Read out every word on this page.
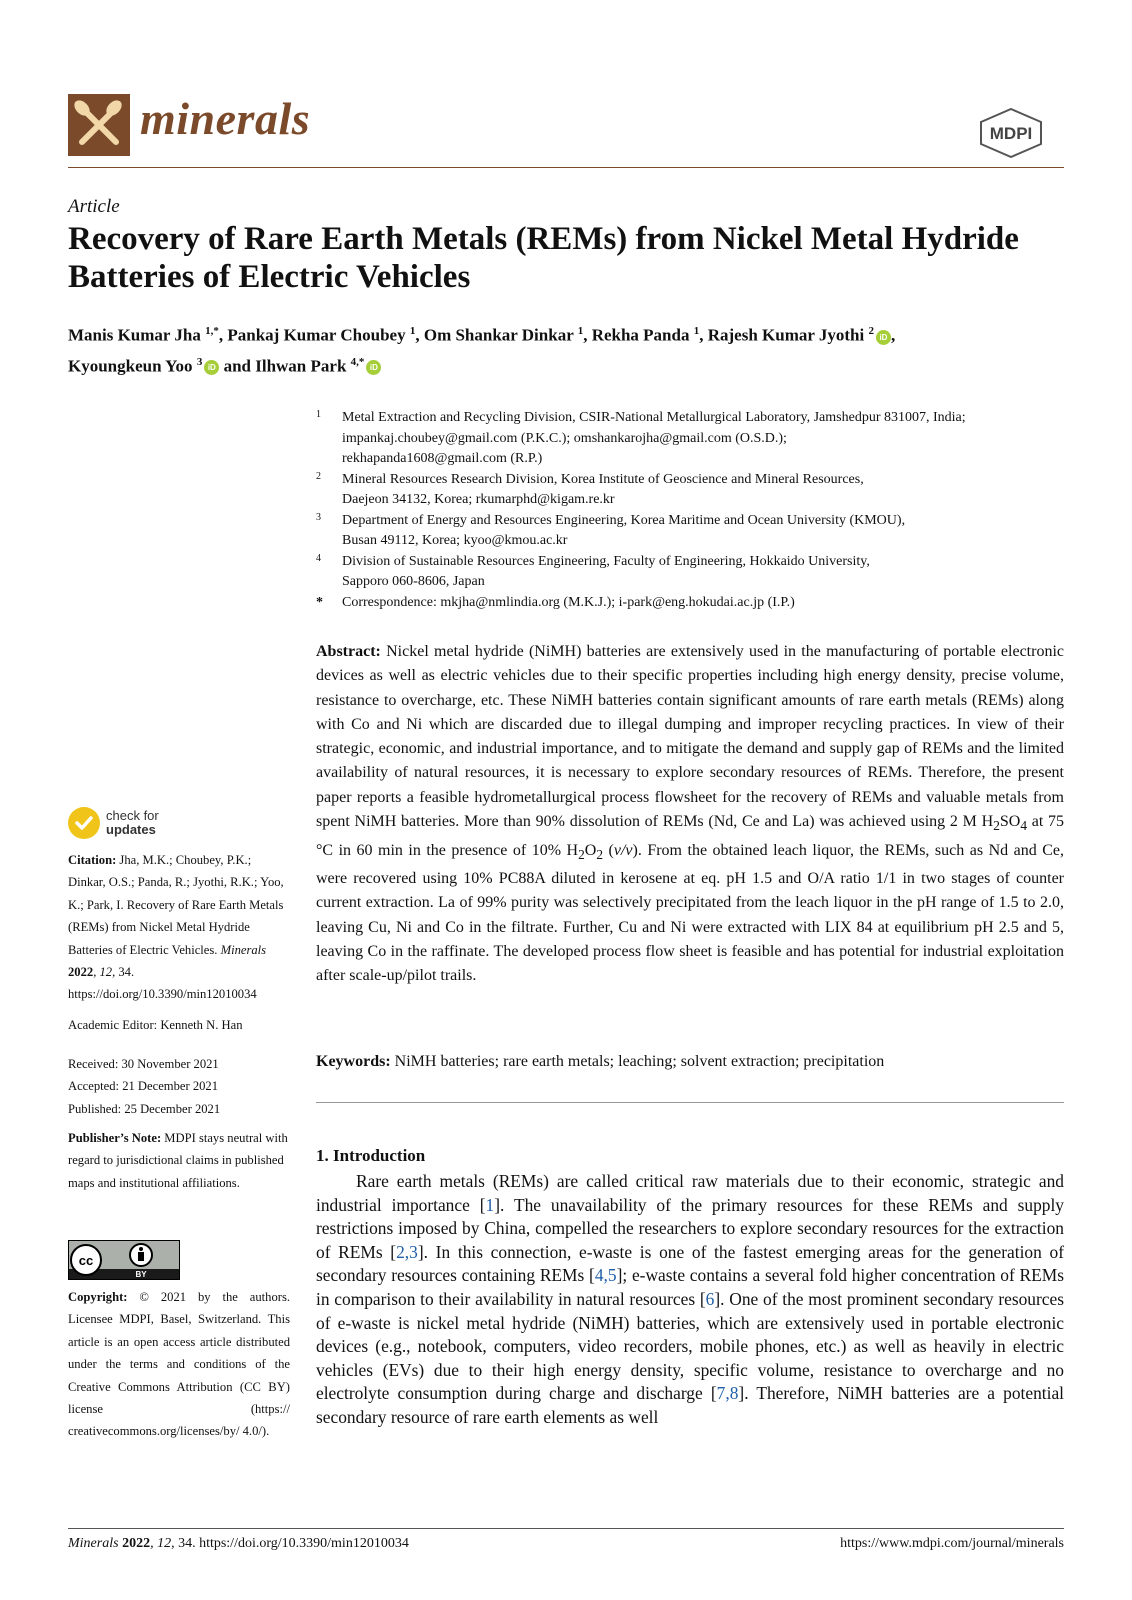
minerals	MDPI
Article
Recovery of Rare Earth Metals (REMs) from Nickel Metal Hydride Batteries of Electric Vehicles
Manis Kumar Jha $^{1,*}$, Pankaj Kumar Choubey $^1$, Om Shankar Dinkar $^1$, Rekha Panda $^1$, Rajesh Kumar Jyothi $^2$iD ,
Kyoungkeun Yoo $^3$iD and Ilhwan Park $^{4,*}$iD
1 Metal Extraction and Recycling Division, CSIR-National Metallurgical Laboratory, Jamshedpur 831007, India;
impankaj.choubey@gmail.com (P.K.C.); omshankarojha@gmail.com (O.S.D.);
rekhapanda1608@gmail.com (R.P.)
2 Mineral Resources Research Division, Korea Institute of Geoscience and Mineral Resources,
Daejeon 34132, Korea; rkumarphd@kigam.re.kr
3 Department of Energy and Resources Engineering, Korea Maritime and Ocean University (KMOU),
Busan 49112, Korea; kyoo@kmou.ac.kr
4 Division of Sustainable Resources Engineering, Faculty of Engineering, Hokkaido University,
Sapporo 060-8606, Japan
* Correspondence: mkjha@nmlindia.org (M.K.J.); i-park@eng.hokudai.ac.jp (I.P.)
Abstract: Nickel metal hydride (NiMH) batteries are extensively used in the manufacturing of portable electronic devices as well as electric vehicles due to their specific properties including high energy density, precise volume, resistance to overcharge, etc. These NiMH batteries contain significant amounts of rare earth metals (REMs) along with Co and Ni which are discarded due to illegal dumping and improper recycling practices. In view of their strategic, economic, and industrial importance, and to mitigate the demand and supply gap of REMs and the limited availability of natural resources, it is necessary to explore secondary resources of REMs. Therefore, the present paper reports a feasible hydrometallurgical process flowsheet for the recovery of REMs and valuable metals from spent NiMH batteries. More than 90% dissolution of REMs (Nd, Ce and La) was achieved using 2 M $H_2SO_4$ at 75 °C in 60 min in the presence of 10% $H_2O_2$ (v/v). From the obtained leach liquor, the REMs, such as Nd and Ce, were recovered using 10% PC88A diluted in kerosene at eq. pH 1.5 and O/A ratio 1/1 in two stages of counter current extraction. La of 99% purity was selectively precipitated from the leach liquor in the pH range of 1.5 to 2.0, leaving Cu, Ni and Co in the filtrate. Further, Cu and Ni were extracted with LIX 84 at equilibrium pH 2.5 and 5, leaving Co in the raffinate. The developed process flow sheet is feasible and has potential for industrial exploitation after scale-up/pilot trails.
Keywords: NiMH batteries; rare earth metals; leaching; solvent extraction; precipitation
1. Introduction
Rare earth metals (REMs) are called critical raw materials due to their economic, strategic and industrial importance [1]. The unavailability of the primary resources for these REMs and supply restrictions imposed by China, compelled the researchers to explore secondary resources for the extraction of REMs [2,3]. In this connection, e-waste is one of the fastest emerging areas for the generation of secondary resources containing REMs [4,5]; e-waste contains a several fold higher concentration of REMs in comparison to their availability in natural resources [6]. One of the most prominent secondary resources of e-waste is nickel metal hydride (NiMH) batteries, which are extensively used in portable electronic devices (e.g., notebook, computers, video recorders, mobile phones, etc.) as well as heavily in electric vehicles (EVs) due to their high energy density, specific volume, resistance to overcharge and no electrolyte consumption during charge and discharge [7,8]. Therefore, NiMH batteries are a potential secondary resource of rare earth elements as well
check for
updates
Citation: Jha, M.K.; Choubey, P.K.; Dinkar, O.S.; Panda, R.; Jyothi, R.K.; Yoo, K.; Park, I. Recovery of Rare Earth Metals (REMs) from Nickel Metal Hydride Batteries of Electric Vehicles. Minerals 2022, 12, 34. https://doi.org/10.3390/min12010034
Academic Editor: Kenneth N. Han
Received: 30 November 2021
Accepted: 21 December 2021
Published: 25 December 2021
Publisher’s Note: MDPI stays neutral with regard to jurisdictional claims in published maps and institutional affiliations.
cc
BY
Copyright: © 2021 by the authors. Licensee MDPI, Basel, Switzerland. This article is an open access article distributed under the terms and conditions of the Creative Commons Attribution (CC BY) license (https:// creativecommons.org/licenses/by/ 4.0/).
Minerals 2022, 12, 34. https://doi.org/10.3390/min12010034	https://www.mdpi.com/journal/minerals
